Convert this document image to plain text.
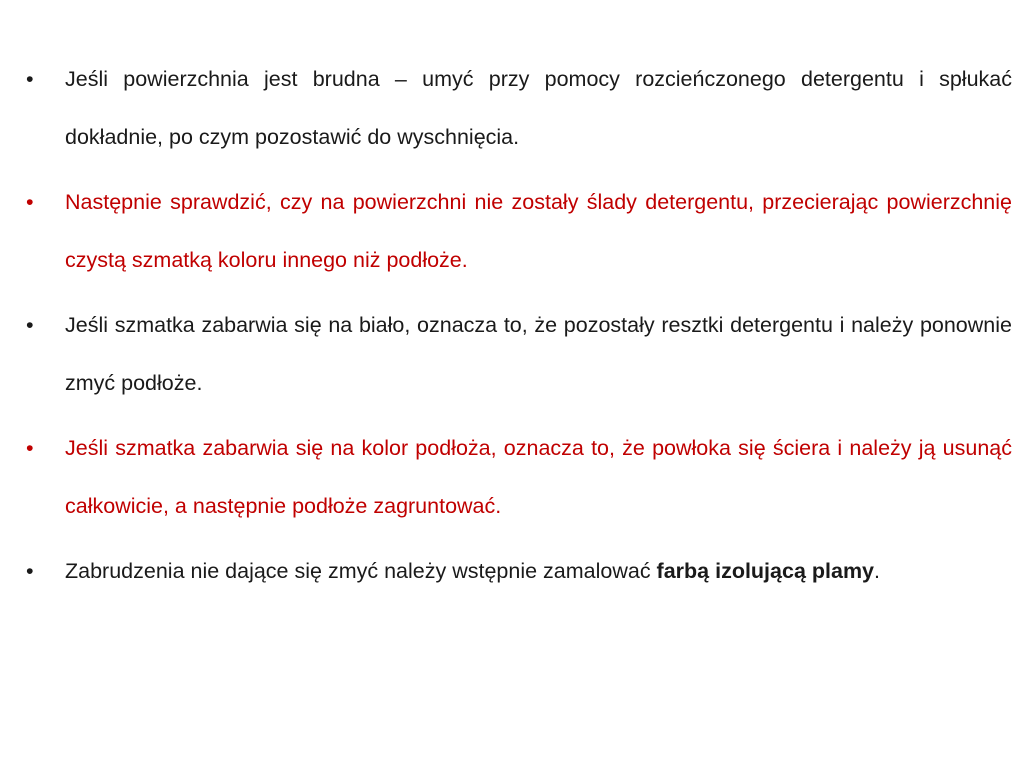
• Jeśli powierzchnia jest brudna – umyć przy pomocy rozcieńczonego detergentu i spłukać dokładnie, po czym pozostawić do wyschnięcia.
• Następnie sprawdzić, czy na powierzchni nie zostały ślady detergentu, przecierając powierzchnię czystą szmatką koloru innego niż podłoże.
• Jeśli szmatka zabarwia się na biało, oznacza to, że pozostały resztki detergentu i należy ponownie zmyć podłoże.
• Jeśli szmatka zabarwia się na kolor podłoża, oznacza to, że powłoka się ściera i należy ją usunąć całkowicie, a następnie podłoże zagruntować.
• Zabrudzenia nie dające się zmyć należy wstępnie zamalować farbą izolującą plamy.
